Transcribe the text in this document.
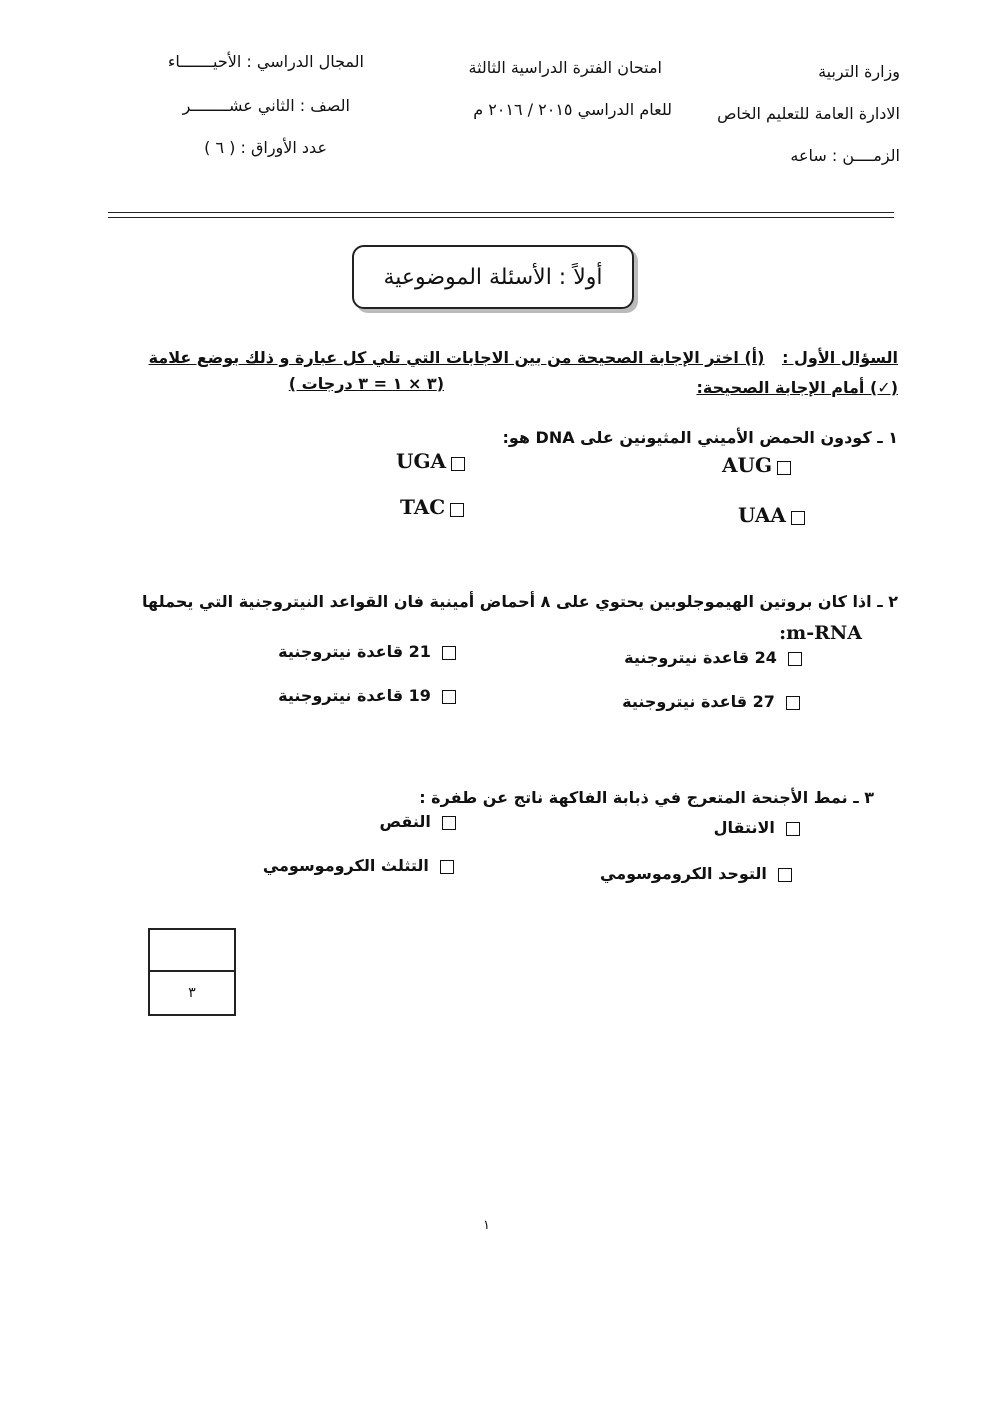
وزارة التربية
الادارة العامة للتعليم الخاص
الزمــــن : ساعه
امتحان الفترة الدراسية الثالثة
للعام الدراسي ٢٠١٥ / ٢٠١٦ م
المجال الدراسي : الأحيـــــــاء
الصف : الثاني عشــــــــر
عدد الأوراق : ( ٦ )
أولاً : الأسئلة الموضوعية
السؤال الأول : (أ) اختر الإجابة الصحيحة من بين الاجابات التي تلي كل عبارة و ذلك بوضع علامة
(✓) أمام الإجابة الصحيحة:
(٣ × ١ = ٣ درجات )
١ ـ كودون الحمض الأميني المثيونين على DNA هو:
AUG
UGA
UAA
TAC
٢ ـ اذا كان بروتين الهيموجلوبين يحتوي على ٨ أحماض أمينية فان القواعد النيتروجنية التي يحملها
m-RNA:
24 قاعدة نيتروجنية
21 قاعدة نيتروجنية
27 قاعدة نيتروجنية
19 قاعدة نيتروجنية
٣ ـ نمط الأجنحة المتعرج في ذبابة الفاكهة ناتج عن طفرة :
الانتقال
النقص
التوحد الكروموسومي
التثلث الكروموسومي
٣
١
